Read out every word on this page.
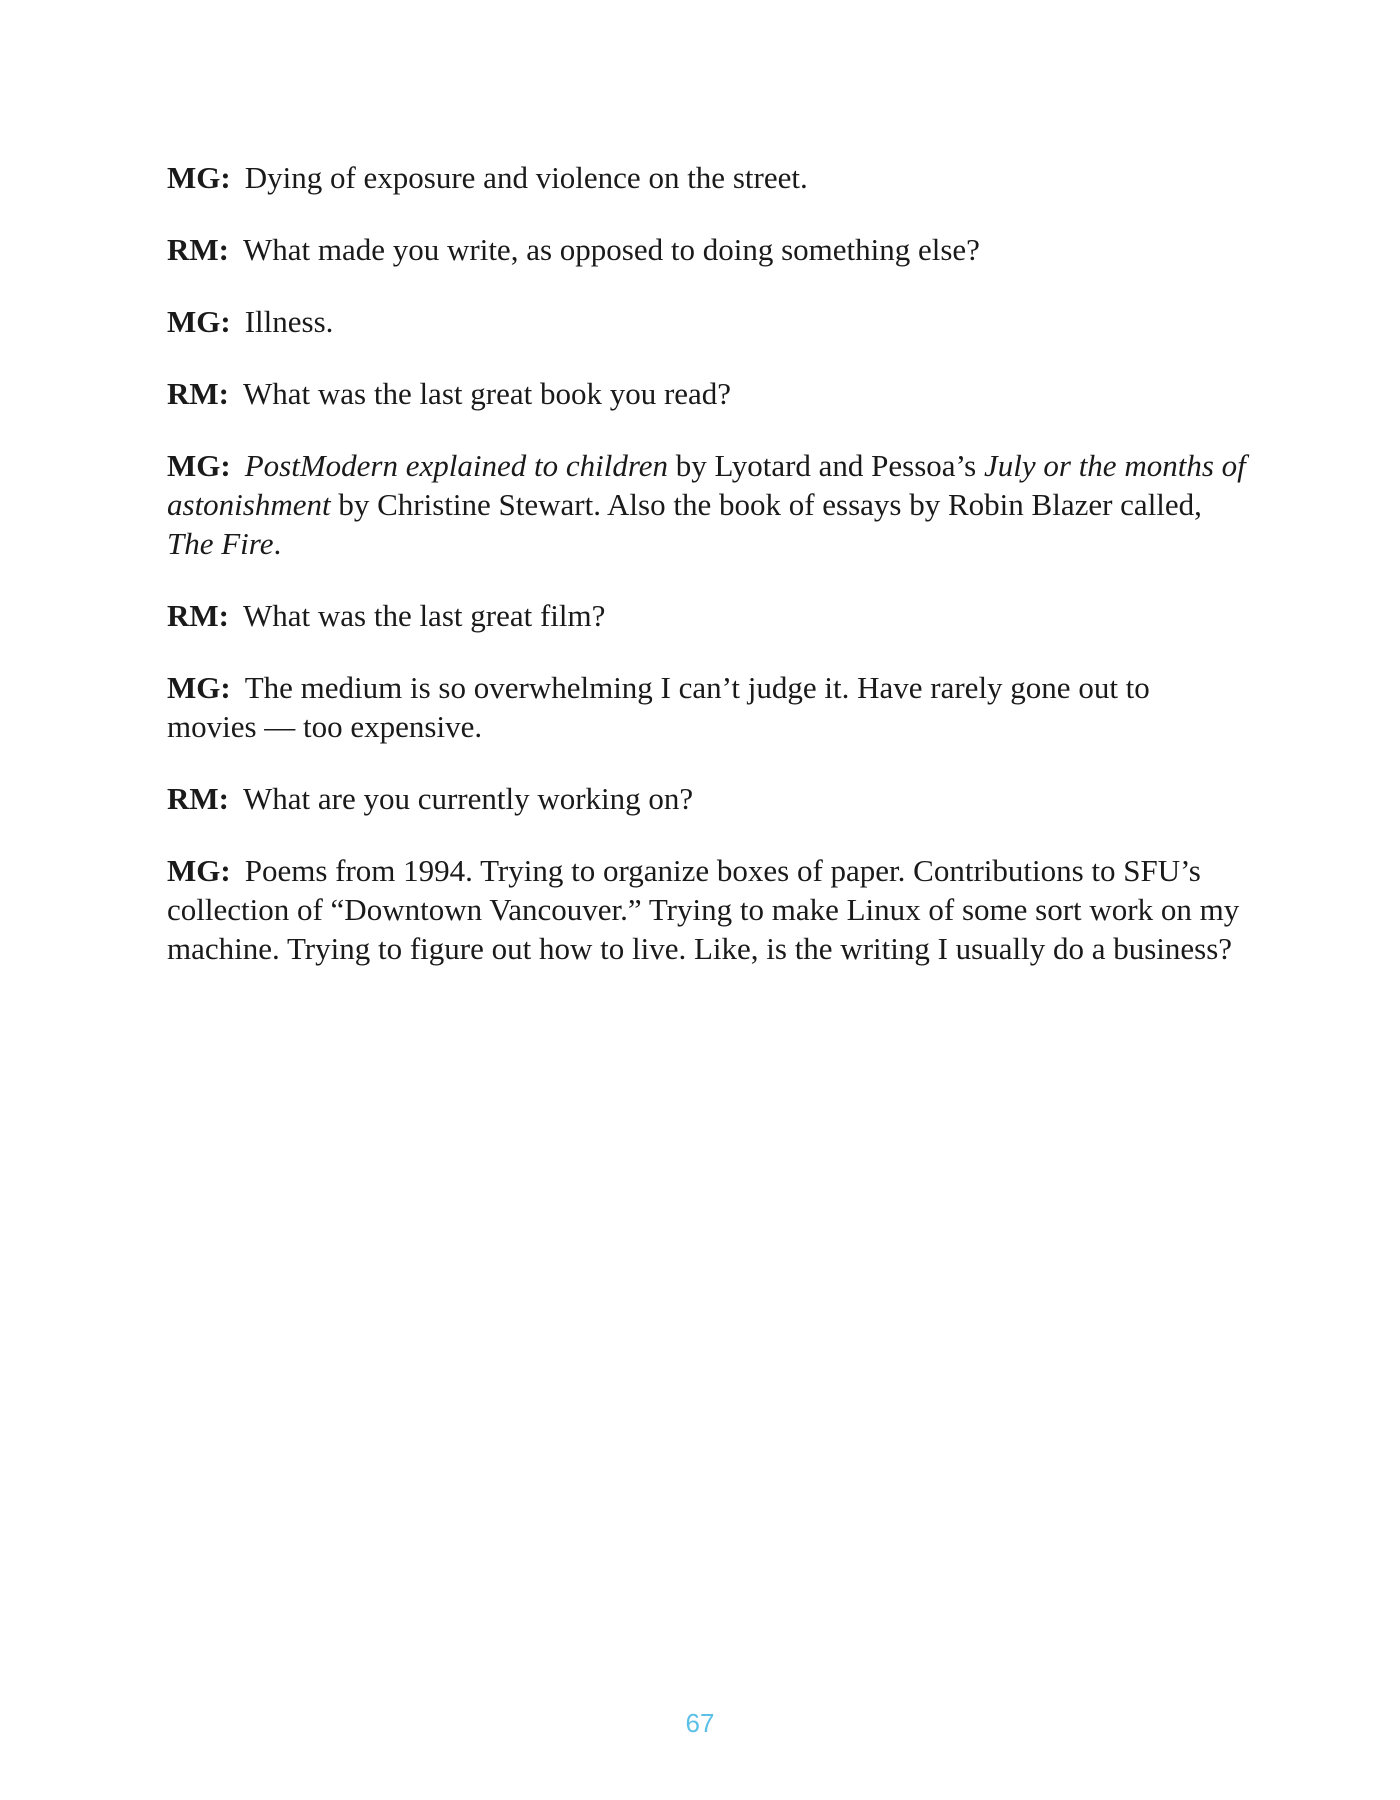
MG : Dying of exposure and violence on the street.

RM : What made you write, as opposed to doing something else?

MG : Illness.

RM : What was the last great book you read?

MG : PostModern explained to children by Lyotard and Pessoa’s July or the months of astonishment by Christine Stewart. Also the book of essays by Robin Blazer called, The Fire.

RM : What was the last great film?

MG : The medium is so overwhelming I can’t judge it. Have rarely gone out to movies — too expensive.

RM : What are you currently working on?

MG : Poems from 1994. Trying to organize boxes of paper. Contributions to SFU’s collection of “Downtown Vancouver.” Trying to make Linux of some sort work on my machine. Trying to figure out how to live. Like, is the writing I usually do a business?

67
